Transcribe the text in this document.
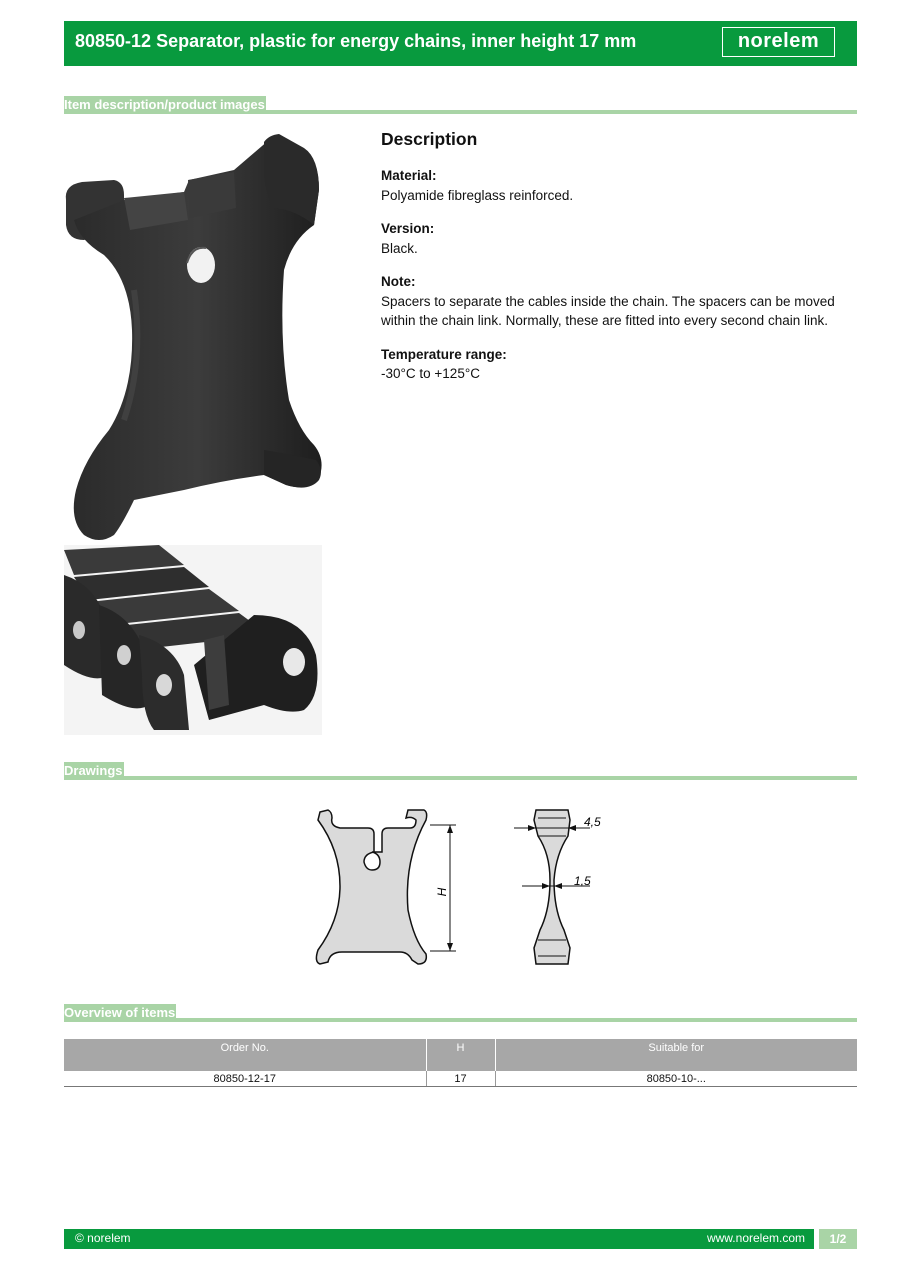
80850-12 Separator, plastic for energy chains, inner height 17 mm	norelem
Item description/product images
Description
Material:
Polyamide fibreglass reinforced.
Version:
Black.
Note:
Spacers to separate the cables inside the chain. The spacers can be moved within the chain link. Normally, these are fitted into every second chain link.
Temperature range:
-30°C to +125°C
Drawings
H
4,5
1,5
Overview of items
Order No.	H	Suitable for
80850-12-17	17	80850-10-...
© norelem	www.norelem.com	1/2
